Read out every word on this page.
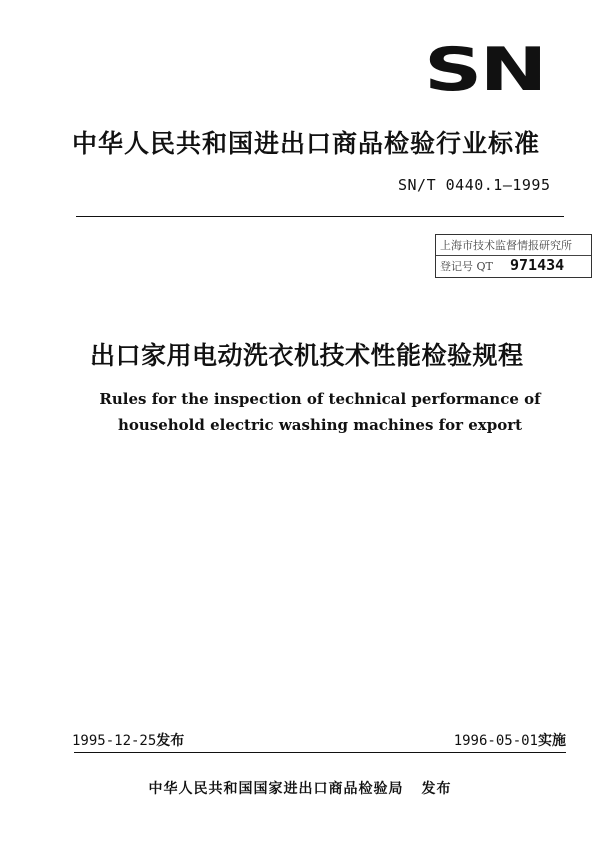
SN
中华人民共和国进出口商品检验行业标准
SN/T 0440.1—1995
上海市技术监督情报研究所
登记号 QT 971434
出口家用电动洗衣机技术性能检验规程
Rules for the inspection of technical performance of
household electric washing machines for export
1995-12-25发布	1996-05-01实施
中华人民共和国国家进出口商品检验局 发布
